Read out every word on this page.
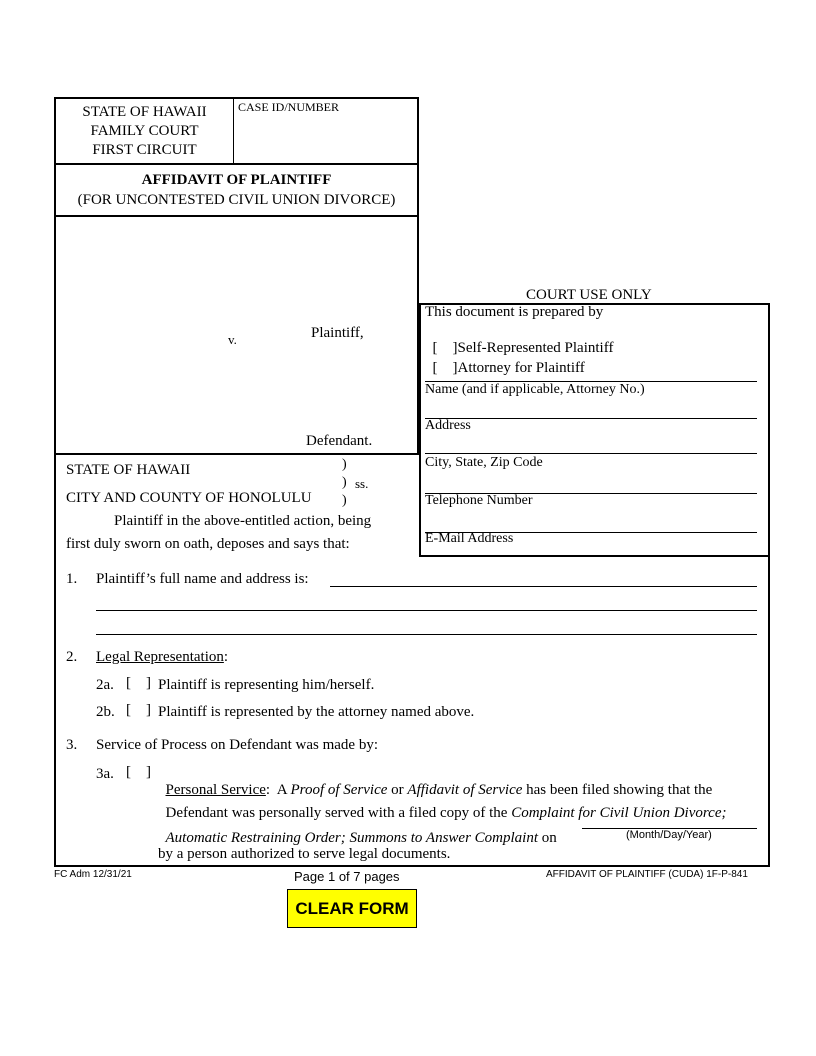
STATE OF HAWAII
FAMILY COURT
FIRST CIRCUIT
CASE ID/NUMBER
AFFIDAVIT OF PLAINTIFF
(FOR UNCONTESTED CIVIL UNION DIVORCE)
Plaintiff,
v.
Defendant.
COURT USE ONLY
This document is prepared by

[    ]Self-Represented Plaintiff

[    ]Attorney for Plaintiff

Name (and if applicable, Attorney No.)
Address
City, State, Zip Code
Telephone Number
E-Mail Address
STATE OF HAWAII
CITY AND COUNTY OF HONOLULU
)
) ss.
)
Plaintiff in the above-entitled action, being
first duly sworn on oath, deposes and says that:
1. Plaintiff’s full name and address is:
2. Legal Representation:
2a. [    ] Plaintiff is representing him/herself.
2b. [    ] Plaintiff is represented by the attorney named above.
3. Service of Process on Defendant was made by:
3a. [    ]

Personal Service:  A Proof of Service or Affidavit of Service has been filed showing that the

Defendant was personally served with a filed copy of the Complaint for Civil Union Divorce;

Automatic Restraining Order; Summons to Answer Complaint on	(Month/Day/Year)
by a person authorized to serve legal documents.
FC Adm 12/31/21	Page 1 of 7 pages	AFFIDAVIT OF PLAINTIFF (CUDA) 1F-P-841
CLEAR FORM
